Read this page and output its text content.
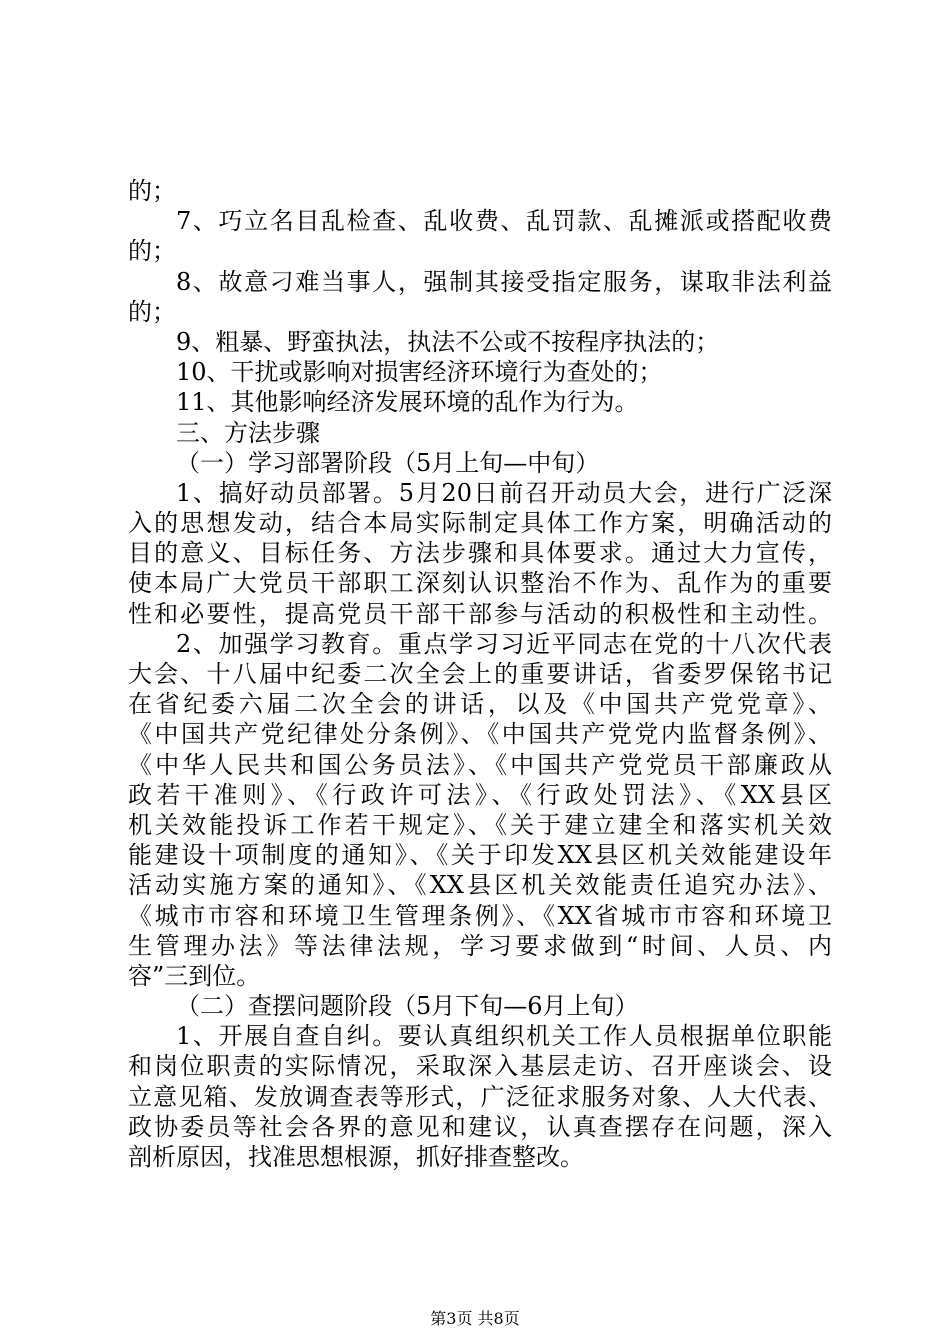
的；
7、巧立名目乱检查、乱收费、乱罚款、乱摊派或搭配收费
的；
8、故意刁难当事人，强制其接受指定服务，谋取非法利益
的；
9、粗暴、野蛮执法，执法不公或不按程序执法的；
10、干扰或影响对损害经济环境行为查处的；
11、其他影响经济发展环境的乱作为行为。
三、方法步骤
（一）学习部署阶段（5月上旬—中旬）
1、搞好动员部署。5月20日前召开动员大会，进行广泛深
入的思想发动，结合本局实际制定具体工作方案，明确活动的
目的意义、目标任务、方法步骤和具体要求。通过大力宣传，
使本局广大党员干部职工深刻认识整治不作为、乱作为的重要
性和必要性，提高党员干部干部参与活动的积极性和主动性。
2、加强学习教育。重点学习习近平同志在党的十八次代表
大会、十八届中纪委二次全会上的重要讲话，省委罗保铭书记
在省纪委六届二次全会的讲话，以及《中国共产党党章》、
《中国共产党纪律处分条例》、《中国共产党党内监督条例》、
《中华人民共和国公务员法》、《中国共产党党员干部廉政从
政若干准则》、《行政许可法》、《行政处罚法》、《XX县区
机关效能投诉工作若干规定》、《关于建立建全和落实机关效
能建设十项制度的通知》、《关于印发XX县区机关效能建设年
活动实施方案的通知》、《XX县区机关效能责任追究办法》、
《城市市容和环境卫生管理条例》、《XX省城市市容和环境卫
生管理办法》等法律法规，学习要求做到“时间、人员、内
容”三到位。
（二）查摆问题阶段（5月下旬—6月上旬）
1、开展自查自纠。要认真组织机关工作人员根据单位职能
和岗位职责的实际情况，采取深入基层走访、召开座谈会、设
立意见箱、发放调查表等形式，广泛征求服务对象、人大代表、
政协委员等社会各界的意见和建议，认真查摆存在问题，深入
剖析原因，找准思想根源，抓好排查整改。
第3页 共8页
